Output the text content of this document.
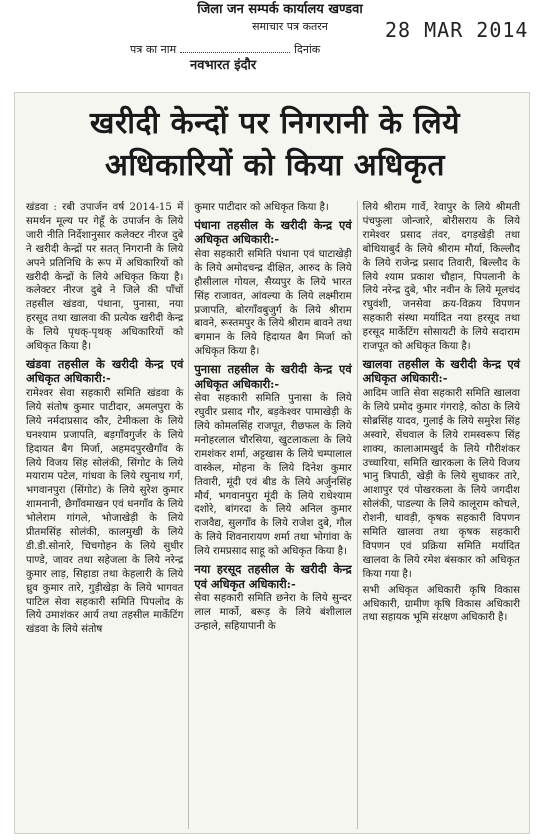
जिला जन सम्पर्क कार्यालय खण्डवा
समाचार पत्र कतरन	28 MAR 2014
पत्र का नाम	दिनांक
नवभारत इंदौर
खरीदी केन्दों पर निगरानी के लिये
अधिकारियों को किया अधिकृत

खंडवा : रबी उपार्जन वर्ष 2014-15 में समर्थन मूल्य पर गेहूँ के उपार्जन के लिये जारी नीति निर्देशानुसार कलेक्टर नीरज दुबे ने खरीदी केन्द्रों पर सतत् निगरानी के लिये अपने प्रतिनिधि के रूप में अधिकारियों को खरीदी केन्द्रों के लिये अधिकृत किया है। कलेक्टर नीरज दुबे ने जिले की पाँचों तहसील खंडवा, पंधाना, पुनासा, नया हरसूद तथा खालवा की प्रत्येक खरीदी केन्द्र के लिये पृथक्-पृथक् अधिकारियों को अधिकृत किया है।

खंडवा तहसील के खरीदी केन्द्र एवं अधिकृत अधिकारी:-

रामेश्वर सेवा सहकारी समिति खंडवा के लिये संतोष कुमार पाटीदार, अमलपुरा के लिये नर्मदाप्रसाद कौर, टेमीकला के लिये घनश्याम प्रजापति, बड़गाँवगुर्जर के लिये हिदायत बैग मिर्जा, अहमदपुरखैगाँव के लिये विजय सिंह सोलंकी, सिंगोट के लिये मयाराम पटेल, गांधवा के लिये रघुनाथ गर्ग, भगवानपुरा (सिंगोट) के लिये सुरेश कुमार शामनानी, छैगाँवमाखन एवं धनगाँव के लिये भोलेराम गांगले, भोजाखेड़ी के लिये प्रीतमसिंह सोलंकी, कालमुखी के लिये डी.डी.सोनारे, चिचगोहन के लिये सुधीर पाण्डे, जावर तथा सहेजला के लिये नरेन्द्र कुमार लाड़, सिहाडा तथा केहलारी के लिये ध्रुव कुमार तारे, गुड़ीखेड़ा के लिये भागवत पाटिल सेवा सहकारी समिति पिपलोद के लिये उमाशंकर आर्य तथा तहसील मार्केटिंग खंडवा के लिये संतोष

कुमार पाटीदार को अधिकृत किया है।

पंधाना तहसील के खरीदी केन्द्र एवं अधिकृत अधिकारी:-

सेवा सहकारी समिति पंधाना एवं घाटाखेड़ी के लिये अमोदचन्द्र दीक्षित, आरुद के लिये हौसीलाल गोयल, सैय्यपुर के लिये भारत सिंह राजावत, आंवल्या के लिये लक्ष्मीराम प्रजापति, बोरगाँवबुजुर्ग के लिये श्रीराम बावने, रूस्तमपुर के लिये श्रीराम बावने तथा बगमान के लिये हिदायत बैग मिर्जा को अधिकृत किया है।

पुनासा तहसील के खरीदी केन्द्र एवं अधिकृत अधिकारी:-

सेवा सहकारी समिति पुनासा के लिये रघुवीर प्रसाद गौर, बड़केश्वर पामाखेड़ी के लिये कोमलसिंह राजपूत, रीछफल के लिये मनोहरलाल चौरसिया, खुटलाकला के लिये रामशंकर शर्मा, अट्टखास के लिये चम्पालाल वास्केल, मोहना के लिये दिनेश कुमार तिवारी, मूंदी एवं बीड के लिये अर्जुनसिंह मौर्य, भगवानपुरा मूंदी के लिये राधेश्याम दशोरे, बांगरदा के लिये अनिल कुमार राजवैद्य, सुलगाँव के लिये राजेश दुबे, गौल के लिये शिवनारायण शर्मा तथा भोगांवा के लिये रामप्रसाद साहू को अधिकृत किया है।

नया हरसूद तहसील के खरीदी केन्द्र एवं अधिकृत अधिकारी:-

सेवा सहकारी समिति छनेरा के लिये सुन्दर लाल मार्को, बरूड़ के लिये बंशीलाल उन्हाले, सहियापानी के

लिये श्रीराम गार्वे, रेवापुर के लिये श्रीमती पंचफुला जोन्जारे, बोरीसराय के लिये रामेश्वर प्रसाद तंवर, दगड़खेड़ी तथा बोथियाबुर्द के लिये श्रीराम मौर्या, किल्लौद के लिये राजेन्द्र प्रसाद तिवारी, बिल्लौद के लिये श्याम प्रकाश चौहान, पिपलानी के लिये नरेन्द्र दुबे, भीर नवीन के लिये मूलचंद रघुवंशी, जनसेवा क्रय-विक्रय विपणन सहकारी संस्था मर्यादित नया हरसूद तथा हरसूद मार्केटिंग सोसायटी के लिये सदाराम राजपूत को अधिकृत किया है।

खालवा तहसील के खरीदी केन्द्र एवं अधिकृत अधिकारी:-

आदिम जाति सेवा सहकारी समिति खालवा के लिये प्रमोद कुमार गंगराड़े, कोठा के लिये सोब्रसिंह यादव, गुलाई के लिये समुरेश सिंह अस्वारे, सेंधवाल के लिये रामस्वरूप सिंह शाक्य, कालाआमखुर्द के लिये गौरीशंकर उच्चारिया, समिति खारकला के लिये विजय भानु त्रिपाठी, खेड़ी के लिये सुधाकर तारे, आशापुर एवं पोखरकला के लिये जगदीश सोलंकी, पाडल्या के लिये कालूराम कोचले, रोशनी, धावड़ी, कृषक सहकारी विपणन समिति खालवा तथा कृषक सहकारी विपणन एवं प्रक्रिया समिति मर्यादित खालवा के लिये रमेश बंसकार को अधिकृत किया गया है।

सभी अधिकृत अधिकारी कृषि विकास अधिकारी, ग्रामीण कृषि विकास अधिकारी तथा सहायक भूमि संरक्षण अधिकारी है।
